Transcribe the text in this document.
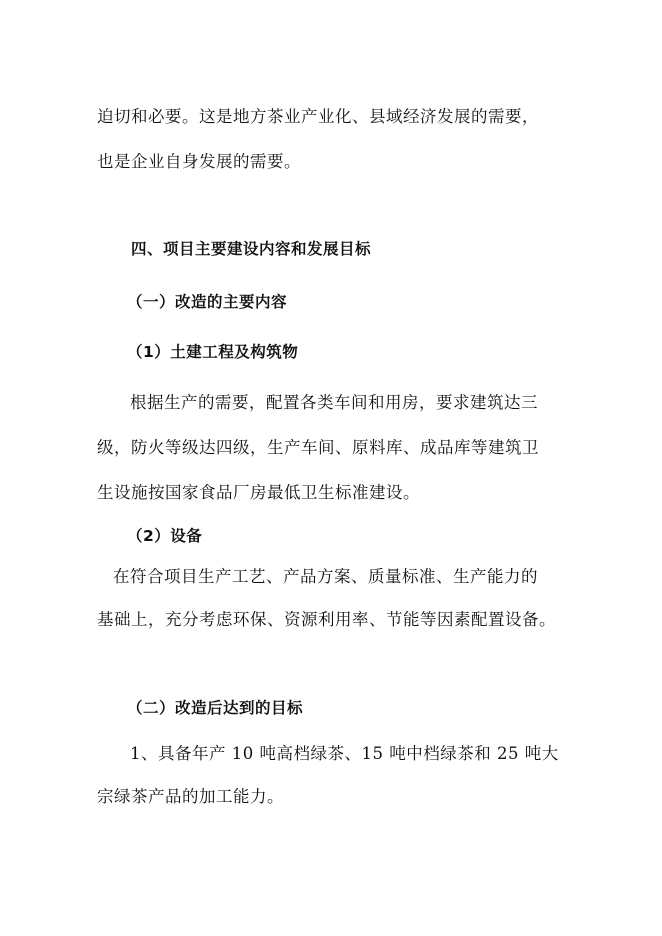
迫切和必要。这是地方茶业产业化、县域经济发展的需要，
也是企业自身发展的需要。
四、项目主要建设内容和发展目标
（一）改造的主要内容
（1）土建工程及构筑物
根据生产的需要，配置各类车间和用房，要求建筑达三
级，防火等级达四级，生产车间、原料库、成品库等建筑卫
生设施按国家食品厂房最低卫生标准建设。
（2）设备
在符合项目生产工艺、产品方案、质量标准、生产能力的
基础上，充分考虑环保、资源利用率、节能等因素配置设备。
（二）改造后达到的目标
1、具备年产 10 吨高档绿茶、15 吨中档绿茶和 25 吨大
宗绿茶产品的加工能力。
